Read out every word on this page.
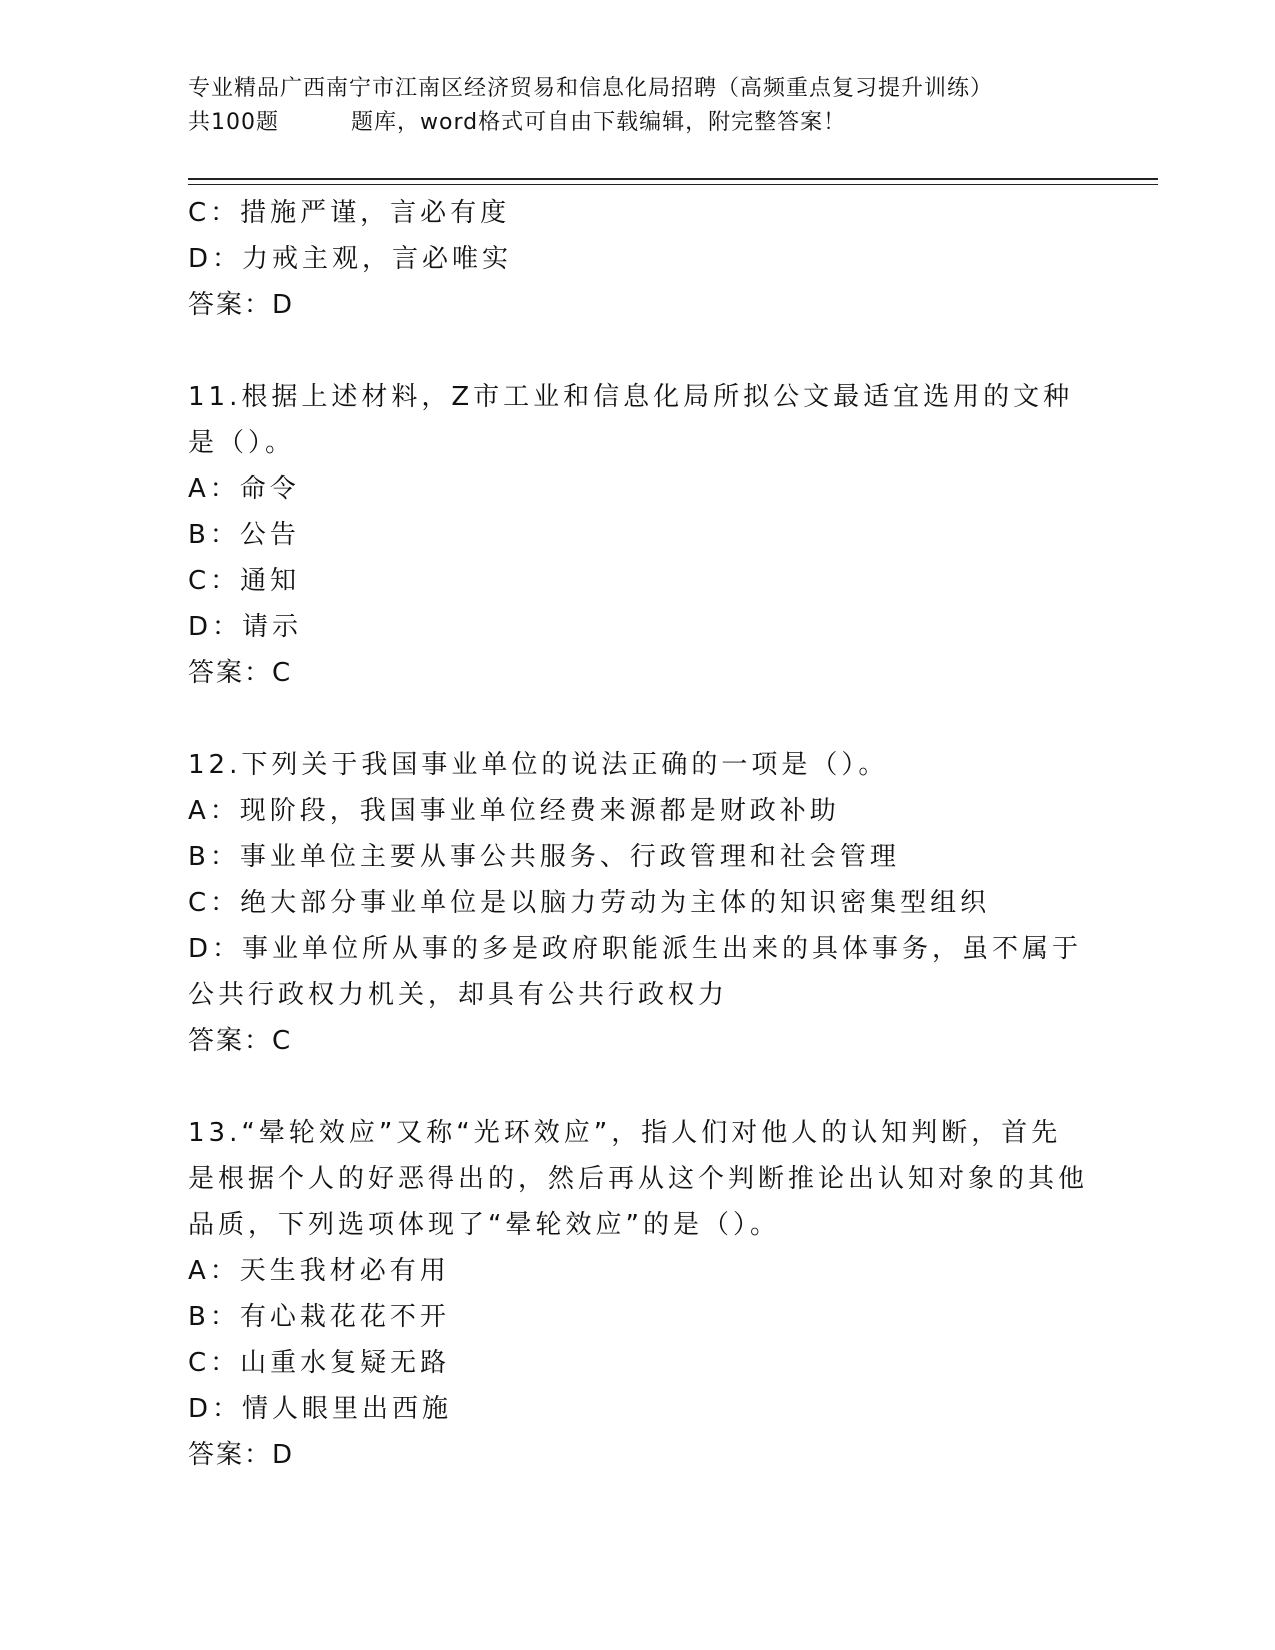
专业精品广西南宁市江南区经济贸易和信息化局招聘（高频重点复习提升训练）
共100题	题库，word格式可自由下载编辑，附完整答案！

C：措施严谨，言必有度

D：力戒主观，言必唯实

答案：D

11.根据上述材料，Z市工业和信息化局所拟公文最适宜选用的文种是（）。

A：命令

B：公告

C：通知

D：请示

答案：C

12.下列关于我国事业单位的说法正确的一项是（）。

A：现阶段，我国事业单位经费来源都是财政补助

B：事业单位主要从事公共服务、行政管理和社会管理

C：绝大部分事业单位是以脑力劳动为主体的知识密集型组织

D：事业单位所从事的多是政府职能派生出来的具体事务，虽不属于公共行政权力机关，却具有公共行政权力

答案：C

13.“晕轮效应”又称“光环效应”，指人们对他人的认知判断，首先是根据个人的好恶得出的，然后再从这个判断推论出认知对象的其他品质，下列选项体现了“晕轮效应”的是（）。

A：天生我材必有用

B：有心栽花花不开

C：山重水复疑无路

D：情人眼里出西施

答案：D
